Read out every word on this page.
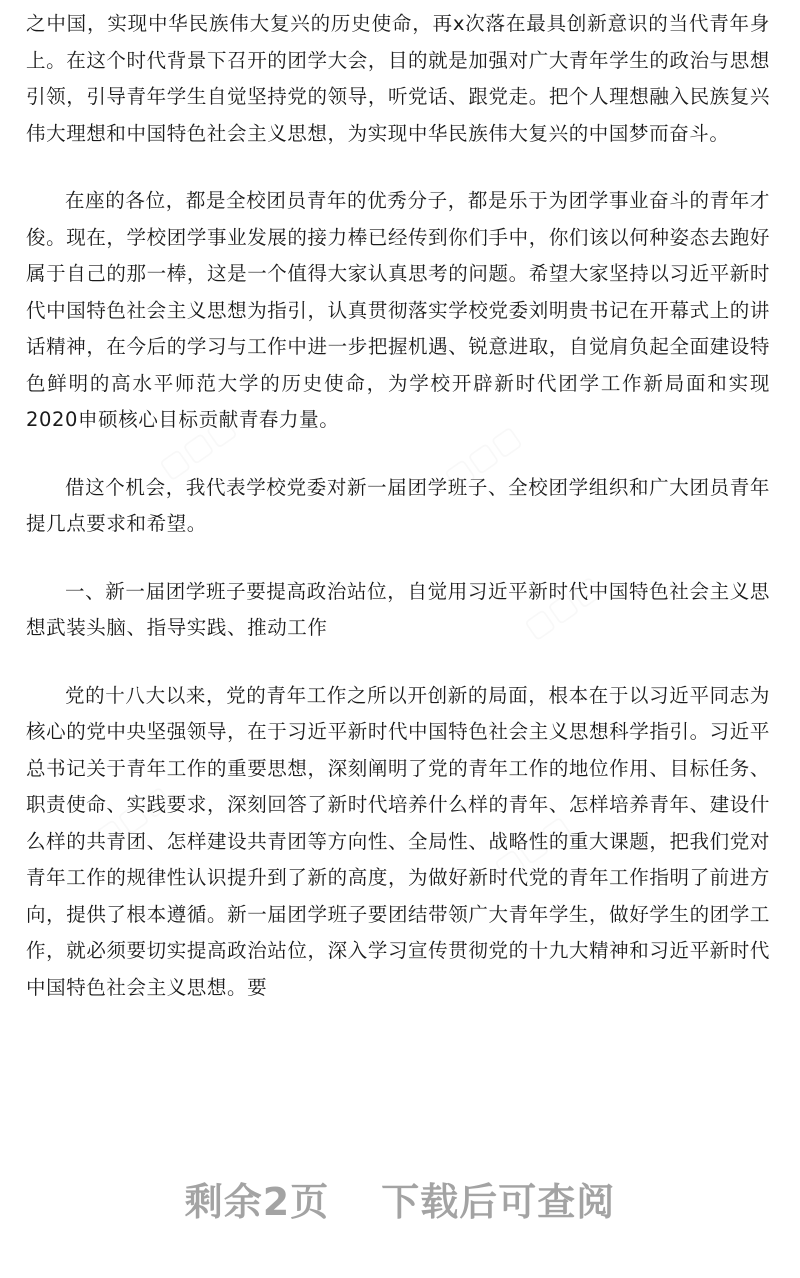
之中国，实现中华民族伟大复兴的历史使命，再x次落在最具创新意识的当代青年身上。在这个时代背景下召开的团学大会，目的就是加强对广大青年学生的政治与思想引领，引导青年学生自觉坚持党的领导，听党话、跟党走。把个人理想融入民族复兴伟大理想和中国特色社会主义思想，为实现中华民族伟大复兴的中国梦而奋斗。

在座的各位，都是全校团员青年的优秀分子，都是乐于为团学事业奋斗的青年才俊。现在，学校团学事业发展的接力棒已经传到你们手中，你们该以何种姿态去跑好属于自己的那一棒，这是一个值得大家认真思考的问题。希望大家坚持以习近平新时代中国特色社会主义思想为指引，认真贯彻落实学校党委刘明贵书记在开幕式上的讲话精神，在今后的学习与工作中进一步把握机遇、锐意进取，自觉肩负起全面建设特色鲜明的高水平师范大学的历史使命，为学校开辟新时代团学工作新局面和实现2020申硕核心目标贡献青春力量。

借这个机会，我代表学校党委对新一届团学班子、全校团学组织和广大团员青年提几点要求和希望。

一、新一届团学班子要提高政治站位，自觉用习近平新时代中国特色社会主义思想武装头脑、指导实践、推动工作

党的十八大以来，党的青年工作之所以开创新的局面，根本在于以习近平同志为核心的党中央坚强领导，在于习近平新时代中国特色社会主义思想科学指引。习近平总书记关于青年工作的重要思想，深刻阐明了党的青年工作的地位作用、目标任务、职责使命、实践要求，深刻回答了新时代培养什么样的青年、怎样培养青年、建设什么样的共青团、怎样建设共青团等方向性、全局性、战略性的重大课题，把我们党对青年工作的规律性认识提升到了新的高度，为做好新时代党的青年工作指明了前进方向，提供了根本遵循。新一届团学班子要团结带领广大青年学生，做好学生的团学工作，就必须要切实提高政治站位，深入学习宣传贯彻党的十九大精神和习近平新时代中国特色社会主义思想。要

▢▢▢	▢▢▢
▢▢▢
▢▢▢	▢▢▢
剩余2页 下载后可查阅
